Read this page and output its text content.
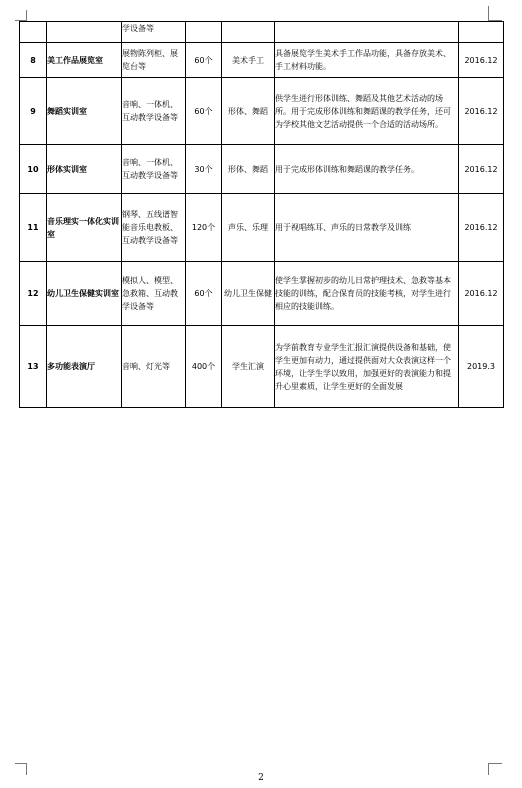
		学设备等				
8	美工作品展览室	展物陈列柜、展览台等	60个	美术手工	具备展览学生美术手工作品功能，具备存放美术、手工材料功能。	2016.12
9	舞蹈实训室	音响、一体机、互动教学设备等	60个	形体、舞蹈	供学生进行形体训练、舞蹈及其他艺术活动的场所。用于完成形体训练和舞蹈课的教学任务，还可为学校其他文艺活动提供一个合适的活动场所。	2016.12
10	形体实训室	音响、一体机、互动教学设备等	30个	形体、舞蹈	用于完成形体训练和舞蹈课的教学任务。	2016.12
11	音乐理实一体化实训室	钢琴、五线谱智能音乐电教板、互动教学设备等	120个	声乐、乐理	用于视唱练耳、声乐的日常教学及训练	2016.12
12	幼儿卫生保健实训室	模拟人、模型、急救箱、互动教学设备等	60个	幼儿卫生保健	使学生掌握初步的幼儿日常护理技术、急救等基本技能的训练，配合保育员的技能考核，对学生进行相应的技能训练。	2016.12
13	多功能表演厅	音响、灯光等	400个	学生汇演	为学前教育专业学生汇报汇演提供设备和基础，使学生更加有动力，通过提供面对大众表演这样一个环境，让学生学以致用，加强更好的表演能力和提升心里素质，让学生更好的全面发展	2019.3
2
